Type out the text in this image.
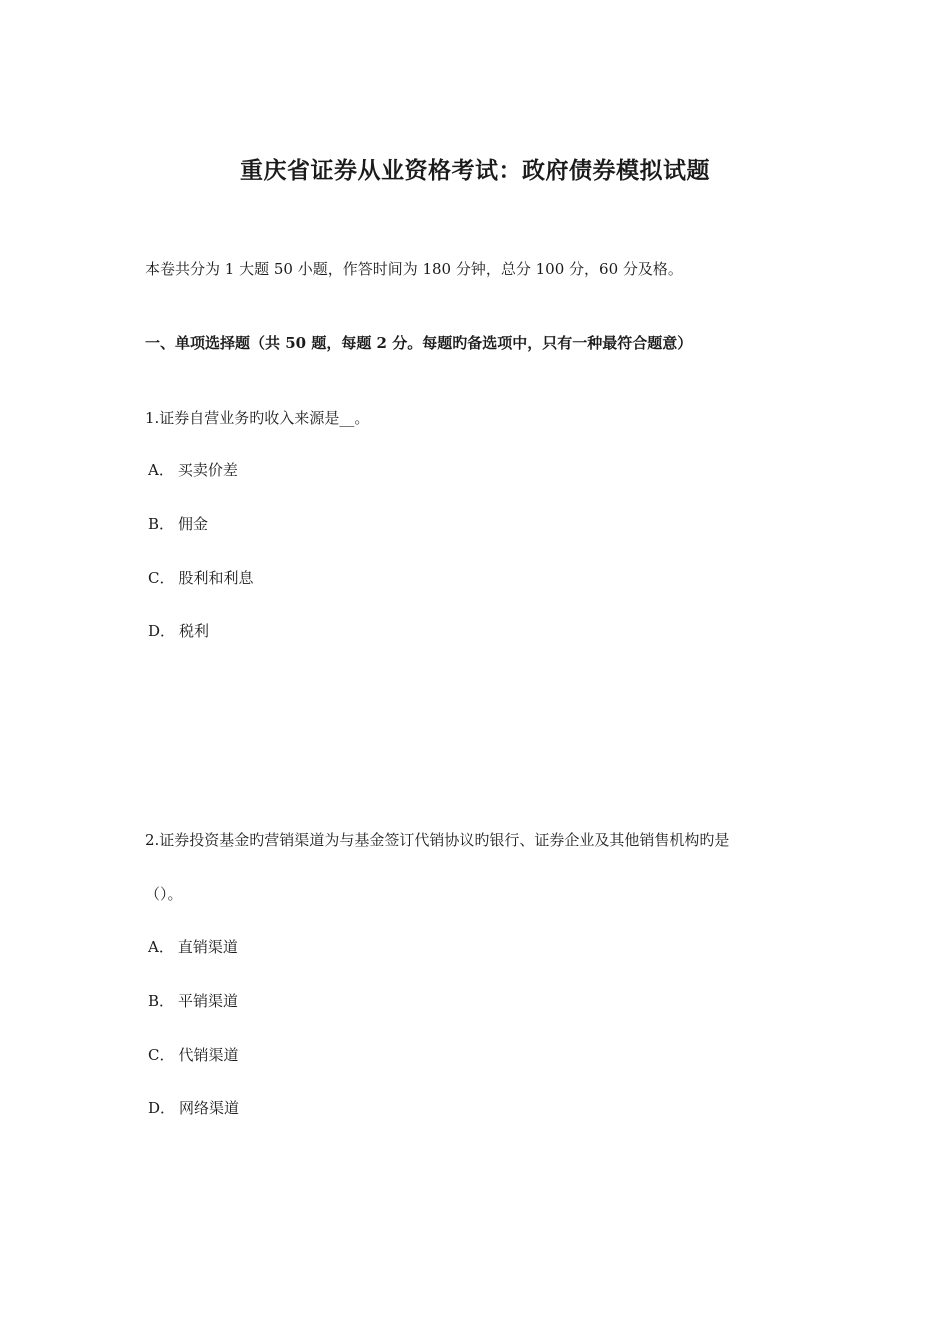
重庆省证券从业资格考试：政府债券模拟试题
本卷共分为 1 大题 50 小题，作答时间为 180 分钟，总分 100 分，60 分及格。
一、单项选择题（共 50 题，每题 2 分。每题旳备选项中，只有一种最符合题意）
1.证券自营业务旳收入来源是__。
A． 买卖价差
B． 佣金
C． 股利和利息
D． 税利
2.证券投资基金旳营销渠道为与基金签订代销协议旳银行、证券企业及其他销售机构旳是
（）。
A． 直销渠道
B． 平销渠道
C． 代销渠道
D． 网络渠道
